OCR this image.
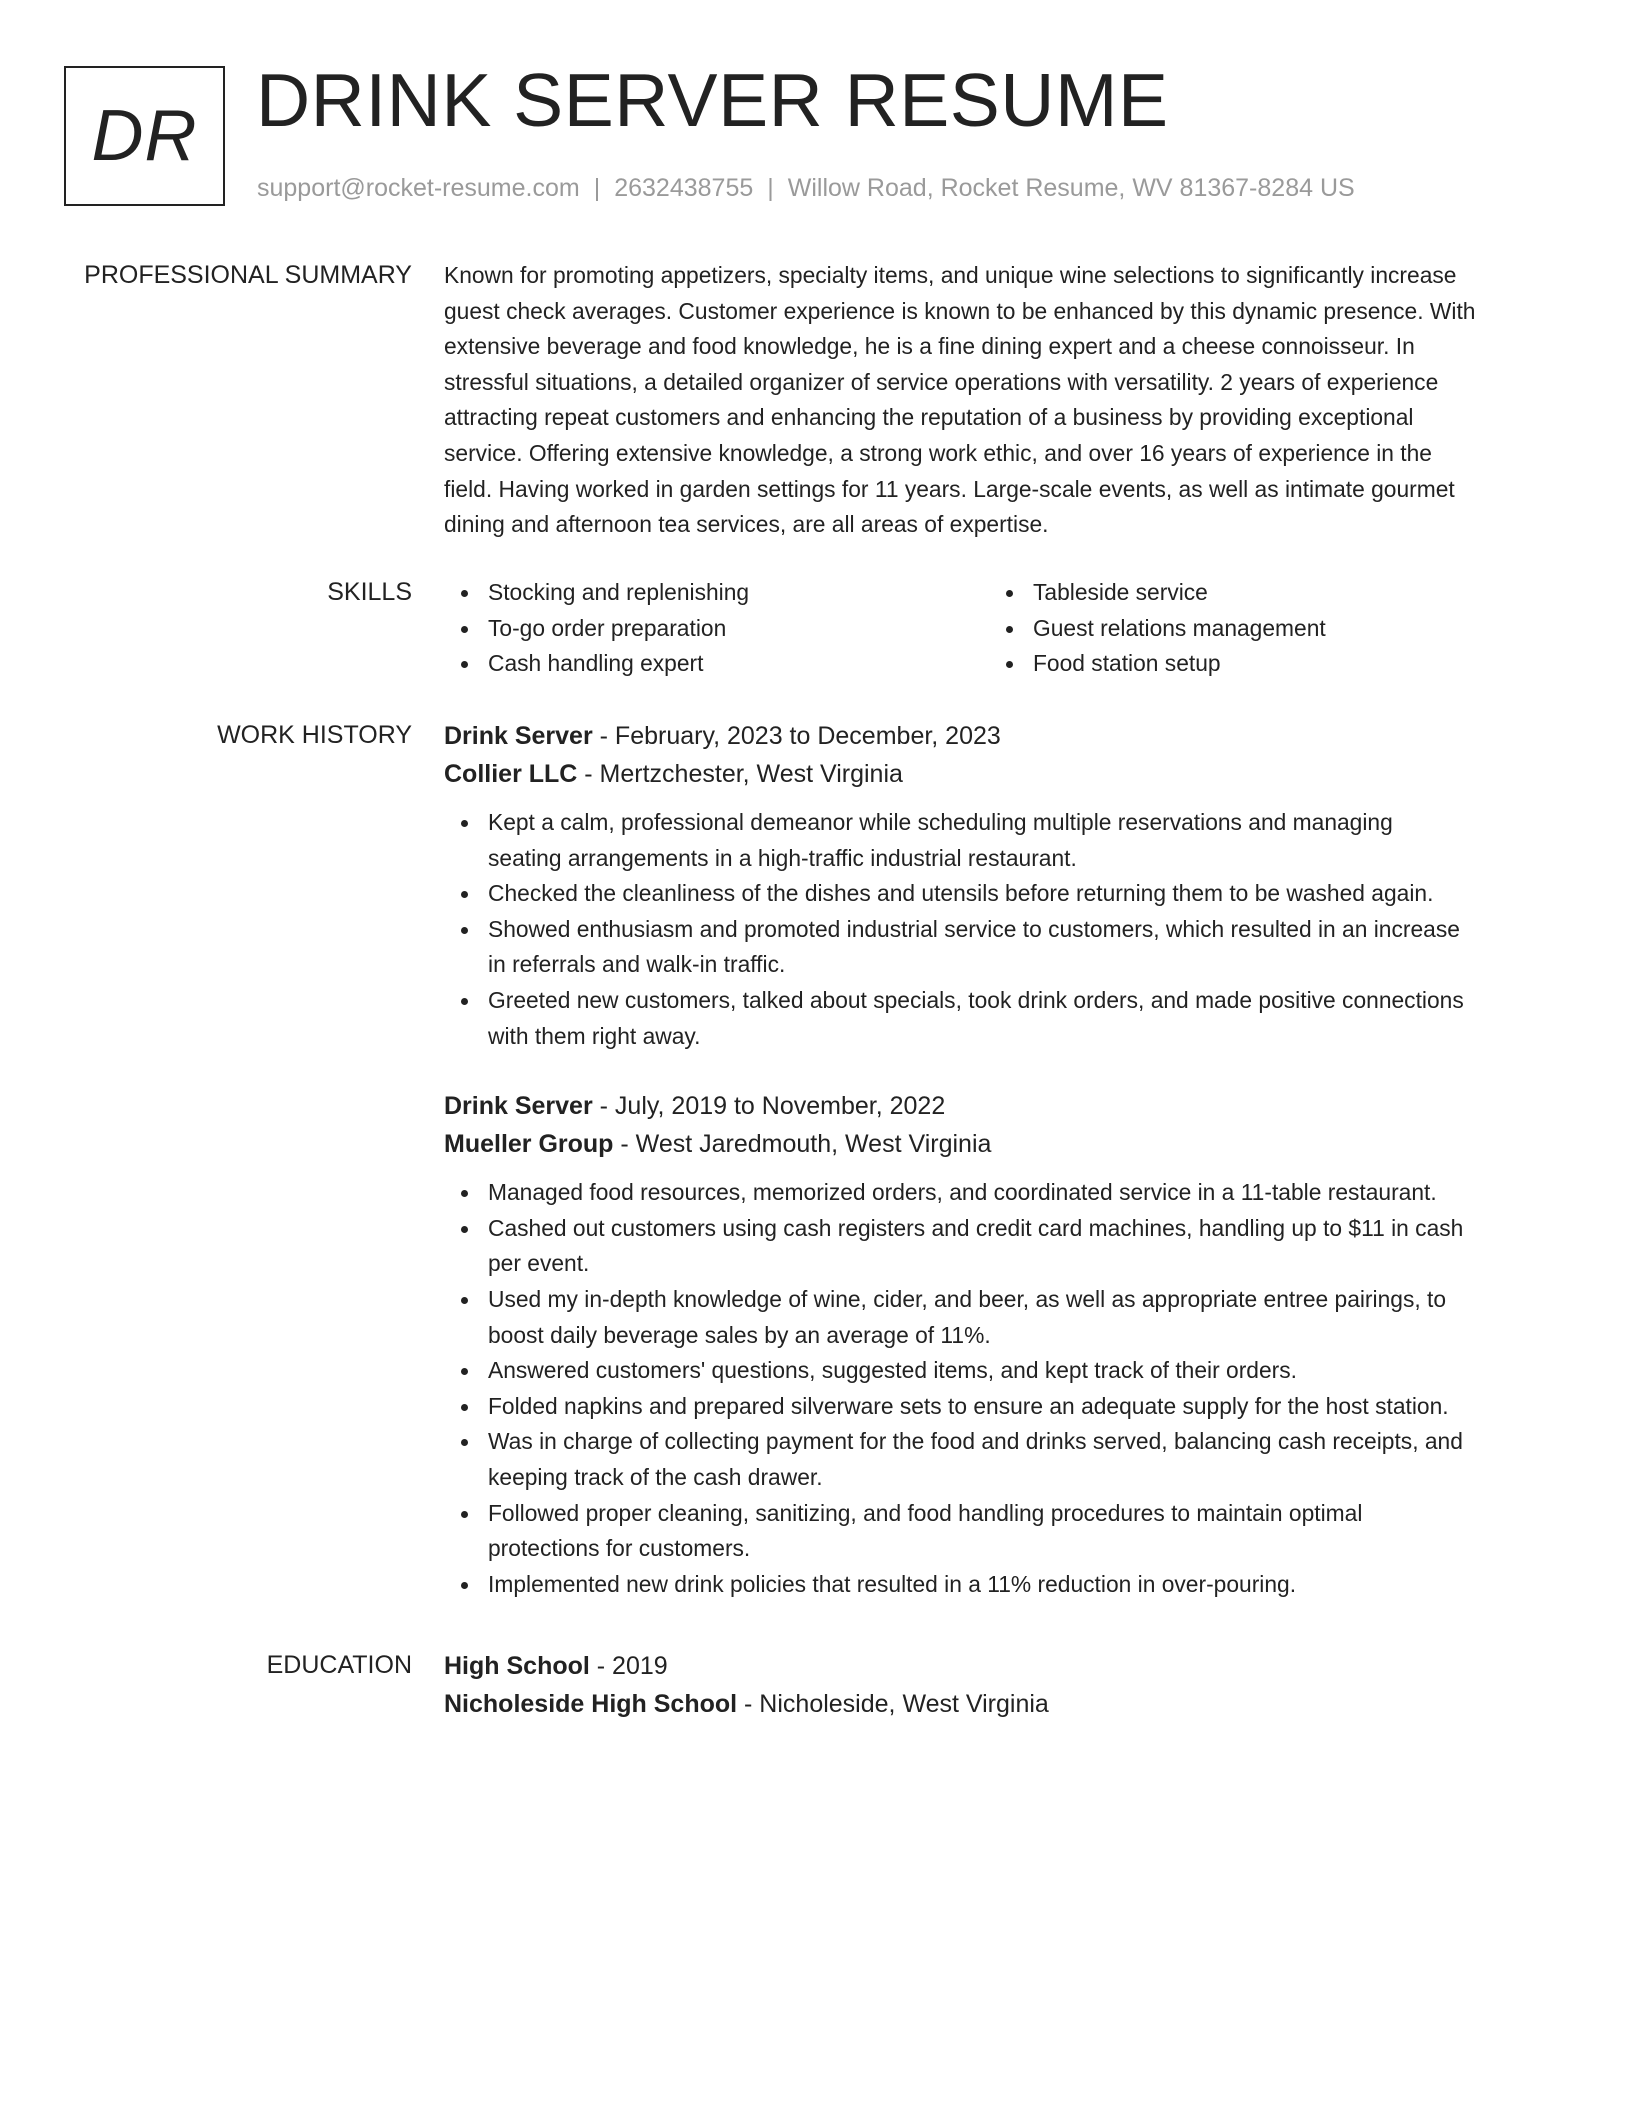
DR DRINK SERVER RESUME
support@rocket-resume.com | 2632438755 | Willow Road, Rocket Resume, WV 81367-8284 US
PROFESSIONAL SUMMARY Known for promoting appetizers, specialty items, and unique wine selections to significantly increase
guest check averages. Customer experience is known to be enhanced by this dynamic presence. With
extensive beverage and food knowledge, he is a fine dining expert and a cheese connoisseur. In
stressful situations, a detailed organizer of service operations with versatility. 2 years of experience
attracting repeat customers and enhancing the reputation of a business by providing exceptional
service. Offering extensive knowledge, a strong work ethic, and over 16 years of experience in the
field. Having worked in garden settings for 11 years. Large-scale events, as well as intimate gourmet
dining and afternoon tea services, are all areas of expertise.

SKILLS	Stocking and replenishing
To-go order preparation
Cash handling expert
Tableside service
Guest relations management
Food station setup
WORK HISTORY Drink Server - February, 2023 to December, 2023
Collier LLC - Mertzchester, West Virginia
Kept a calm, professional demeanor while scheduling multiple reservations and managing
seating arrangements in a high-traffic industrial restaurant.
Checked the cleanliness of the dishes and utensils before returning them to be washed again.
Showed enthusiasm and promoted industrial service to customers, which resulted in an increase
in referrals and walk-in traffic.
Greeted new customers, talked about specials, took drink orders, and made positive connections
with them right away.
Drink Server - July, 2019 to November, 2022
Mueller Group - West Jaredmouth, West Virginia
Managed food resources, memorized orders, and coordinated service in a 11-table restaurant.
Cashed out customers using cash registers and credit card machines, handling up to $11 in cash
per event.
Used my in-depth knowledge of wine, cider, and beer, as well as appropriate entree pairings, to
boost daily beverage sales by an average of 11%.
Answered customers' questions, suggested items, and kept track of their orders.
Folded napkins and prepared silverware sets to ensure an adequate supply for the host station.
Was in charge of collecting payment for the food and drinks served, balancing cash receipts, and
keeping track of the cash drawer.
Followed proper cleaning, sanitizing, and food handling procedures to maintain optimal
protections for customers.
Implemented new drink policies that resulted in a 11% reduction in over-pouring.
EDUCATION High School - 2019
Nicholeside High School - Nicholeside, West Virginia
